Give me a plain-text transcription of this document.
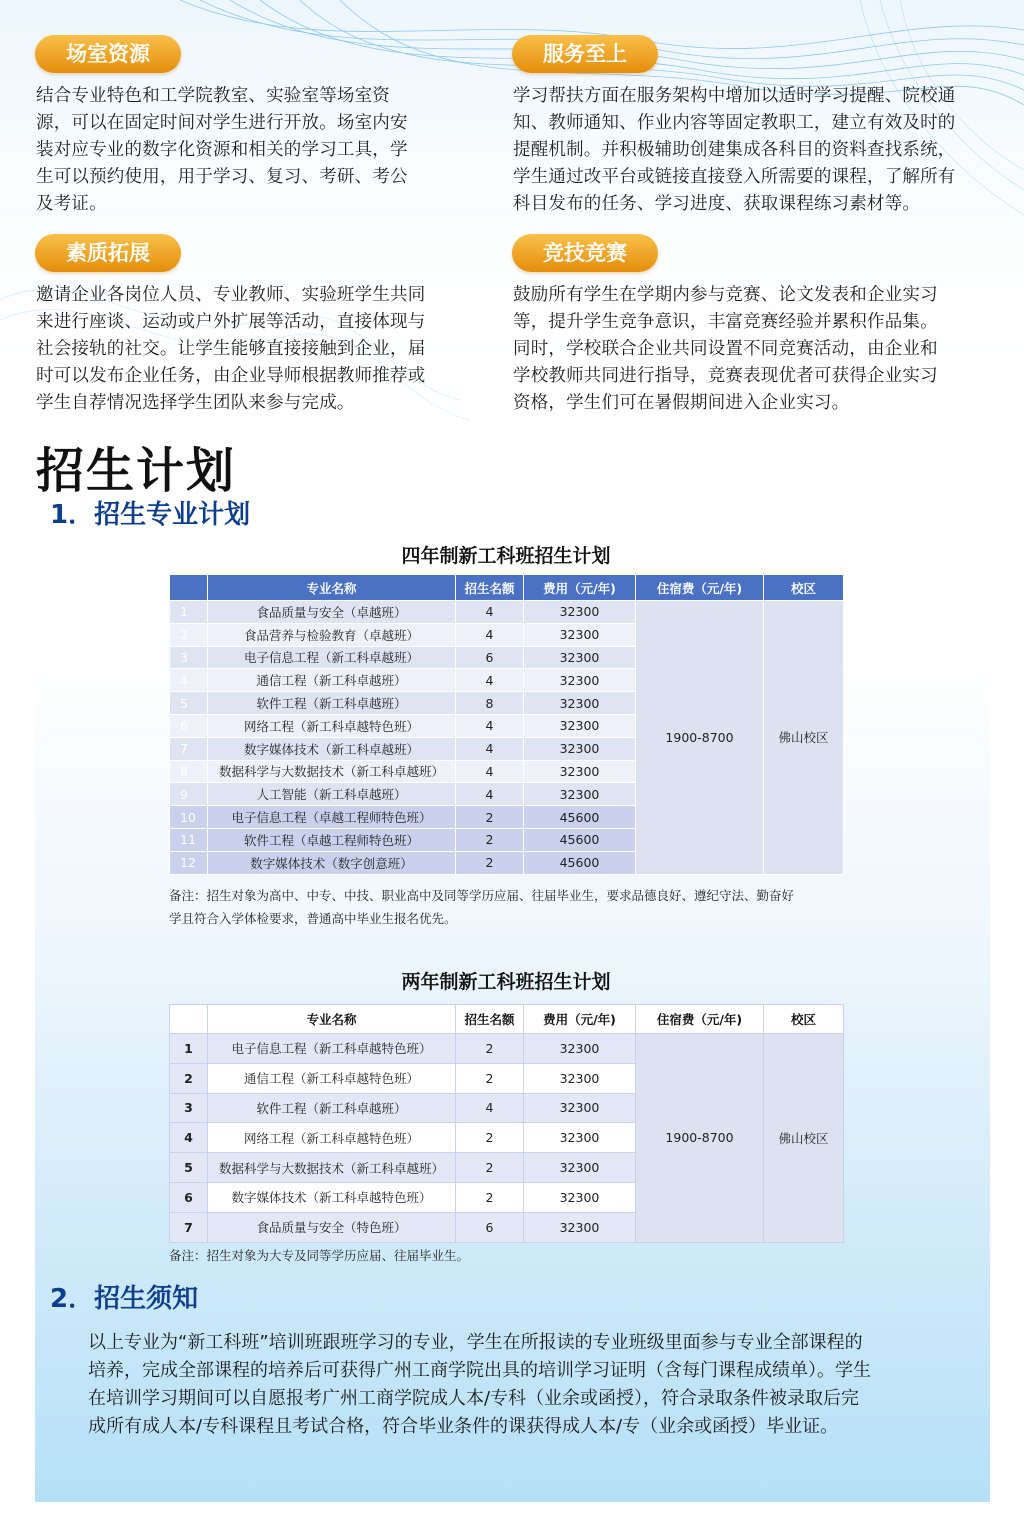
场室资源
结合专业特色和工学院教室、实验室等场室资
源，可以在固定时间对学生进行开放。场室内安
装对应专业的数字化资源和相关的学习工具，学
生可以预约使用，用于学习、复习、考研、考公
及考证。
服务至上
学习帮扶方面在服务架构中增加以适时学习提醒、院校通
知、教师通知、作业内容等固定教职工，建立有效及时的
提醒机制。并积极辅助创建集成各科目的资料查找系统，
学生通过改平台或链接直接登入所需要的课程，了解所有
科目发布的任务、学习进度、获取课程练习素材等。
素质拓展
邀请企业各岗位人员、专业教师、实验班学生共同
来进行座谈、运动或户外扩展等活动，直接体现与
社会接轨的社交。让学生能够直接接触到企业，届
时可以发布企业任务，由企业导师根据教师推荐或
学生自荐情况选择学生团队来参与完成。
竞技竞赛
鼓励所有学生在学期内参与竞赛、论文发表和企业实习
等，提升学生竞争意识，丰富竞赛经验并累积作品集。
同时，学校联合企业共同设置不同竞赛活动，由企业和
学校教师共同进行指导，竞赛表现优者可获得企业实习
资格，学生们可在暑假期间进入企业实习。
招生计划
1．招生专业计划
四年制新工科班招生计划
	专业名称	招生名额	费用（元/年)	住宿费（元/年)	校区
1	食品质量与安全（卓越班）	4	32300	1900-8700	佛山校区
2	食品营养与检验教育（卓越班）	4	32300		
3	电子信息工程（新工科卓越班）	6	32300		
4	通信工程（新工科卓越班）	4	32300		
5	软件工程（新工科卓越班）	8	32300		
6	网络工程（新工科卓越特色班）	4	32300		
7	数字媒体技术（新工科卓越班）	4	32300		
8	数据科学与大数据技术（新工科卓越班）	4	32300		
9	人工智能（新工科卓越班）	4	32300		
10	电子信息工程（卓越工程师特色班）	2	45600		
11	软件工程（卓越工程师特色班）	2	45600		
12	数字媒体技术（数字创意班）	2	45600		
备注：招生对象为高中、中专、中技、职业高中及同等学历应届、往届毕业生，要求品德良好、遵纪守法、勤奋好
学且符合入学体检要求，普通高中毕业生报名优先。
两年制新工科班招生计划
	专业名称	招生名额	费用（元/年)	住宿费（元/年)	校区
1	电子信息工程（新工科卓越特色班）	2	32300	1900-8700	佛山校区
2	通信工程（新工科卓越特色班）	2	32300		
3	软件工程（新工科卓越班）	4	32300		
4	网络工程（新工科卓越特色班）	2	32300		
5	数据科学与大数据技术（新工科卓越班）	2	32300		
6	数字媒体技术（新工科卓越特色班）	2	32300		
7	食品质量与安全（特色班）	6	32300		
备注：招生对象为大专及同等学历应届、往届毕业生。
2．招生须知
以上专业为“新工科班”培训班跟班学习的专业，学生在所报读的专业班级里面参与专业全部课程的
培养，完成全部课程的培养后可获得广州工商学院出具的培训学习证明（含每门课程成绩单）。学生
在培训学习期间可以自愿报考广州工商学院成人本/专科（业余或函授），符合录取条件被录取后完
成所有成人本/专科课程且考试合格，符合毕业条件的课获得成人本/专（业余或函授）毕业证。
